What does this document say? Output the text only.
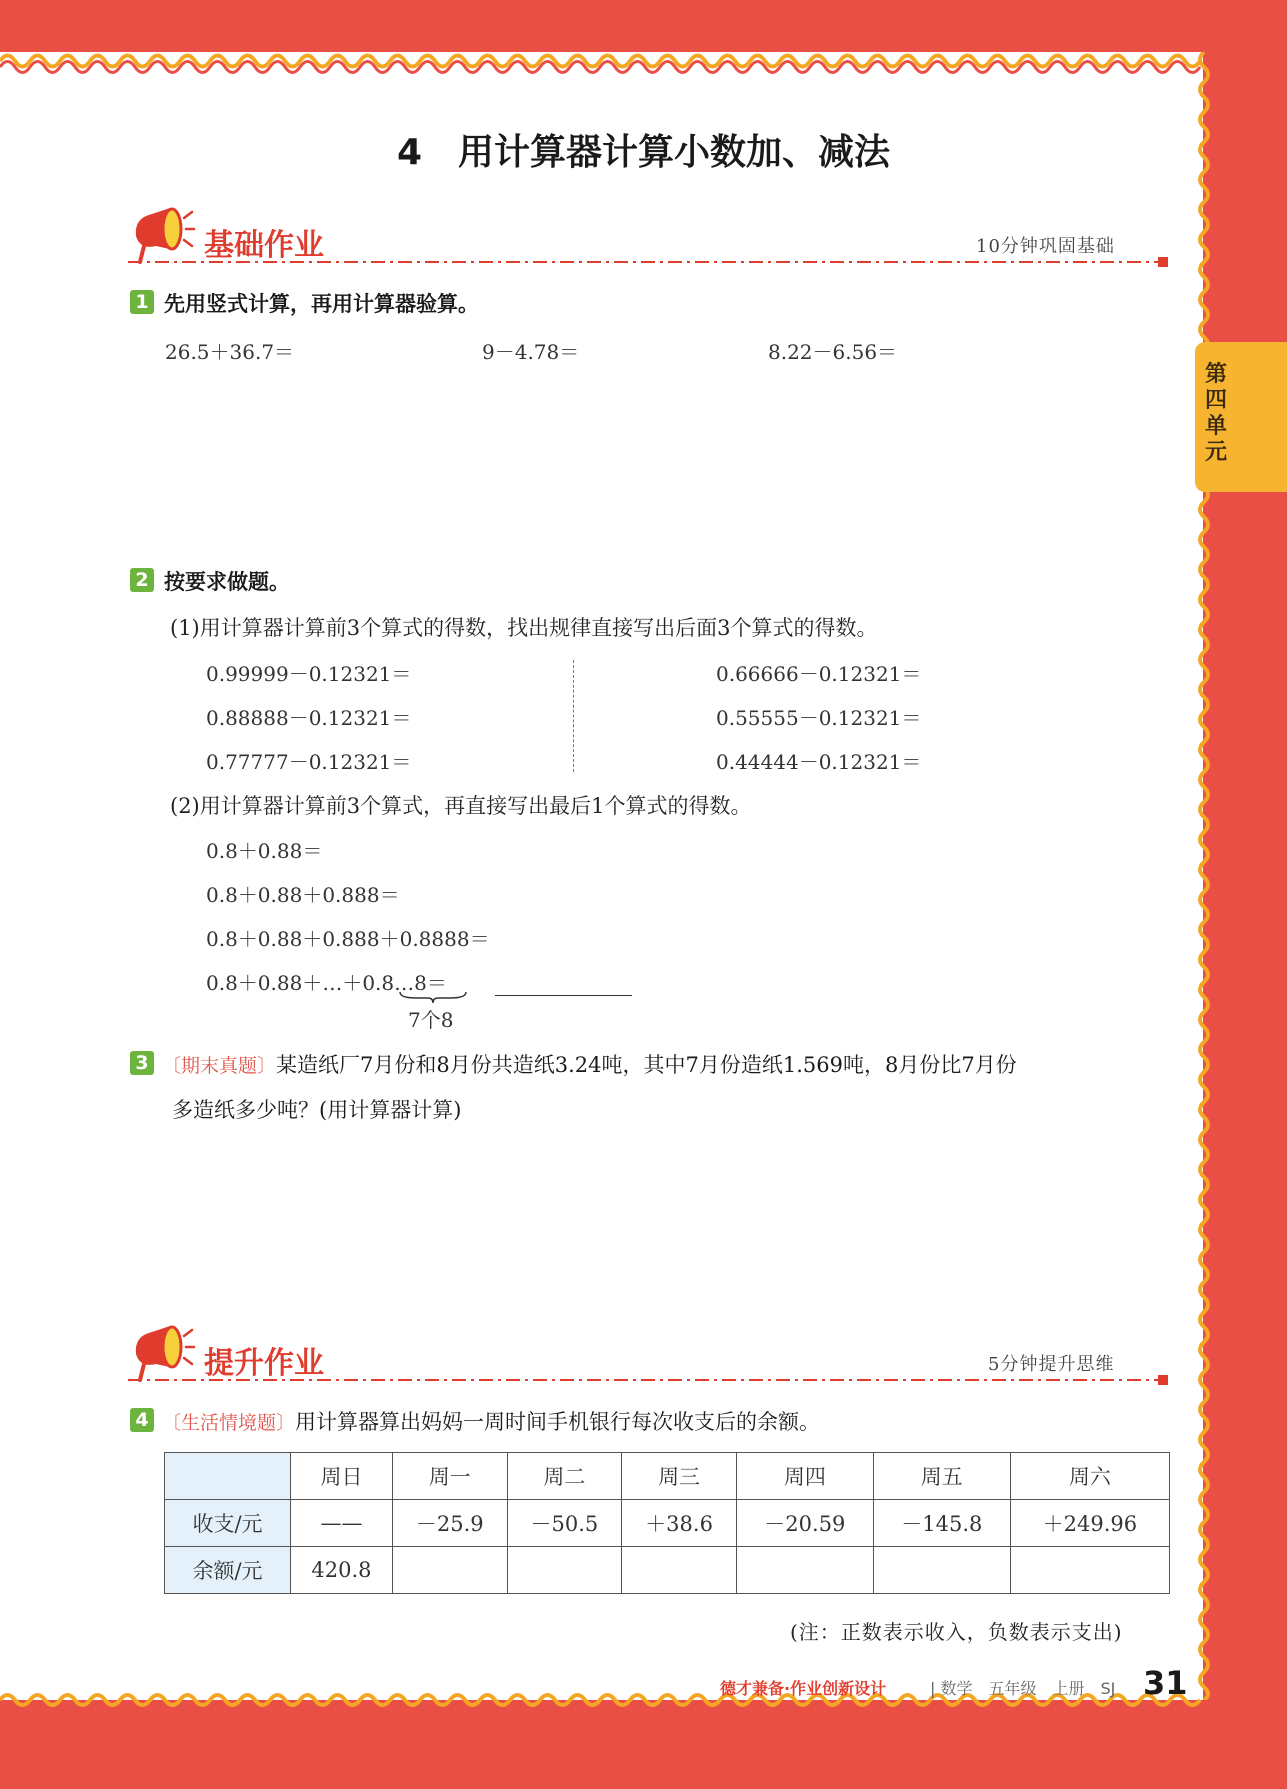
第四单元
4　用计算器计算小数加、减法
基础作业	10分钟巩固基础
1 先用竖式计算，再用计算器验算。
26.5＋36.7＝	9－4.78＝	8.22－6.56＝
2 按要求做题。
(1)用计算器计算前3个算式的得数，找出规律直接写出后面3个算式的得数。
0.99999－0.12321＝
0.88888－0.12321＝
0.77777－0.12321＝
0.66666－0.12321＝
0.55555－0.12321＝
0.44444－0.12321＝
(2)用计算器计算前3个算式，再直接写出最后1个算式的得数。
0.8＋0.88＝
0.8＋0.88＋0.888＝
0.8＋0.88＋0.888＋0.8888＝
0.8＋0.88＋…＋0.8…8＝
7个8
3 〔期末真题〕某造纸厂7月份和8月份共造纸3.24吨，其中7月份造纸1.569吨，8月份比7月份
多造纸多少吨？(用计算器计算)
提升作业	5分钟提升思维
4 〔生活情境题〕用计算器算出妈妈一周时间手机银行每次收支后的余额。
	周日	周一	周二	周三	周四	周五	周六
收支/元	——	－25.9	－50.5	＋38.6	－20.59	－145.8	＋249.96
余额/元	420.8						
(注：正数表示收入，负数表示支出)
德才兼备·作业创新设计	| 数学　五年级　上册　SJ 31
